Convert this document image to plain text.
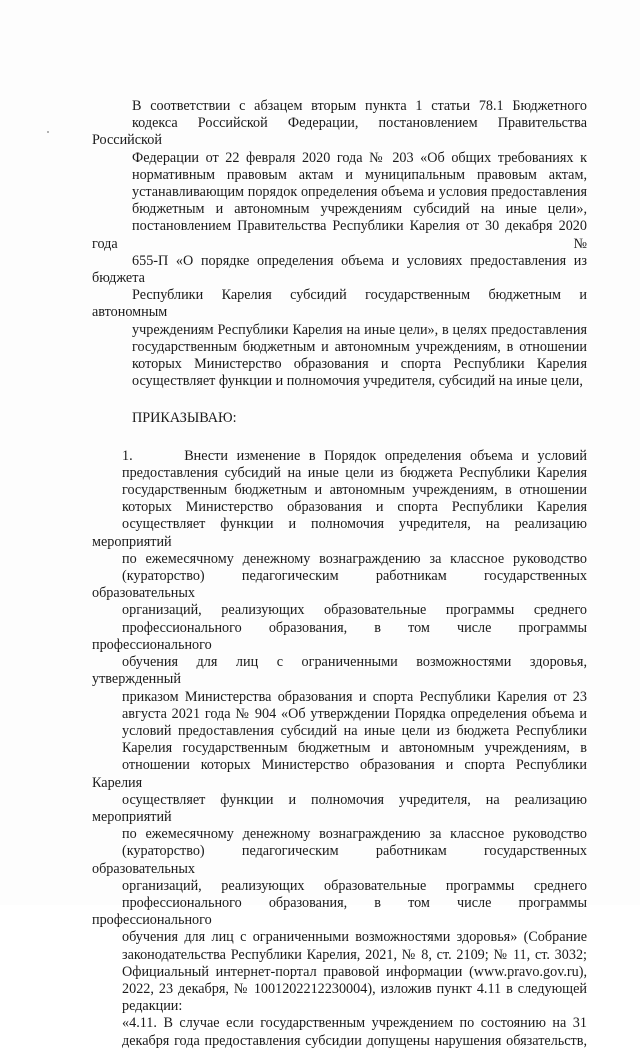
В соответствии с абзацем вторым пункта 1 статьи 78.1 Бюджетного
кодекса Российской Федерации, постановлением Правительства Российской
Федерации от 22 февраля 2020 года № 203 «Об общих требованиях к
нормативным правовым актам и муниципальным правовым актам,
устанавливающим порядок определения объема и условия предоставления
бюджетным и автономным учреждениям субсидий на иные цели»,
постановлением Правительства Республики Карелия от 30 декабря 2020 года №
655-П «О порядке определения объема и условиях предоставления из бюджета
Республики Карелия субсидий государственным бюджетным и автономным
учреждениям Республики Карелия на иные цели», в целях предоставления
государственным бюджетным и автономным учреждениям, в отношении
которых Министерство образования и спорта Республики Карелия
осуществляет функции и полномочия учредителя, субсидий на иные цели,

ПРИКАЗЫВАЮ:

1.      Внести изменение в Порядок определения объема и условий
предоставления субсидий на иные цели из бюджета Республики Карелия
государственным бюджетным и автономным учреждениям, в отношении
которых Министерство образования и спорта Республики Карелия
осуществляет функции и полномочия учредителя, на реализацию мероприятий
по ежемесячному денежному вознаграждению за классное руководство
(кураторство) педагогическим работникам государственных образовательных
организаций, реализующих образовательные программы среднего
профессионального образования, в том числе программы профессионального
обучения для лиц с ограниченными возможностями здоровья, утвержденный
приказом Министерства образования и спорта Республики Карелия от 23
августа 2021 года № 904 «Об утверждении Порядка определения объема и
условий предоставления субсидий на иные цели из бюджета Республики
Карелия государственным бюджетным и автономным учреждениям, в
отношении которых Министерство образования и спорта Республики Карелия
осуществляет функции и полномочия учредителя, на реализацию мероприятий
по ежемесячному денежному вознаграждению за классное руководство
(кураторство) педагогическим работникам государственных образовательных
организаций, реализующих образовательные программы среднего
профессионального образования, в том числе программы профессионального
обучения для лиц с ограниченными возможностями здоровья» (Собрание
законодательства Республики Карелия, 2021, № 8, ст. 2109; № 11, ст. 3032;
Официальный интернет-портал правовой информации (www.pravo.gov.ru),
2022, 23 декабря, № 1001202212230004), изложив пункт 4.11 в следующей
редакции:

«4.11. В случае если государственным учреждением по состоянию на 31
декабря года предоставления субсидии допущены нарушения обязательств,
